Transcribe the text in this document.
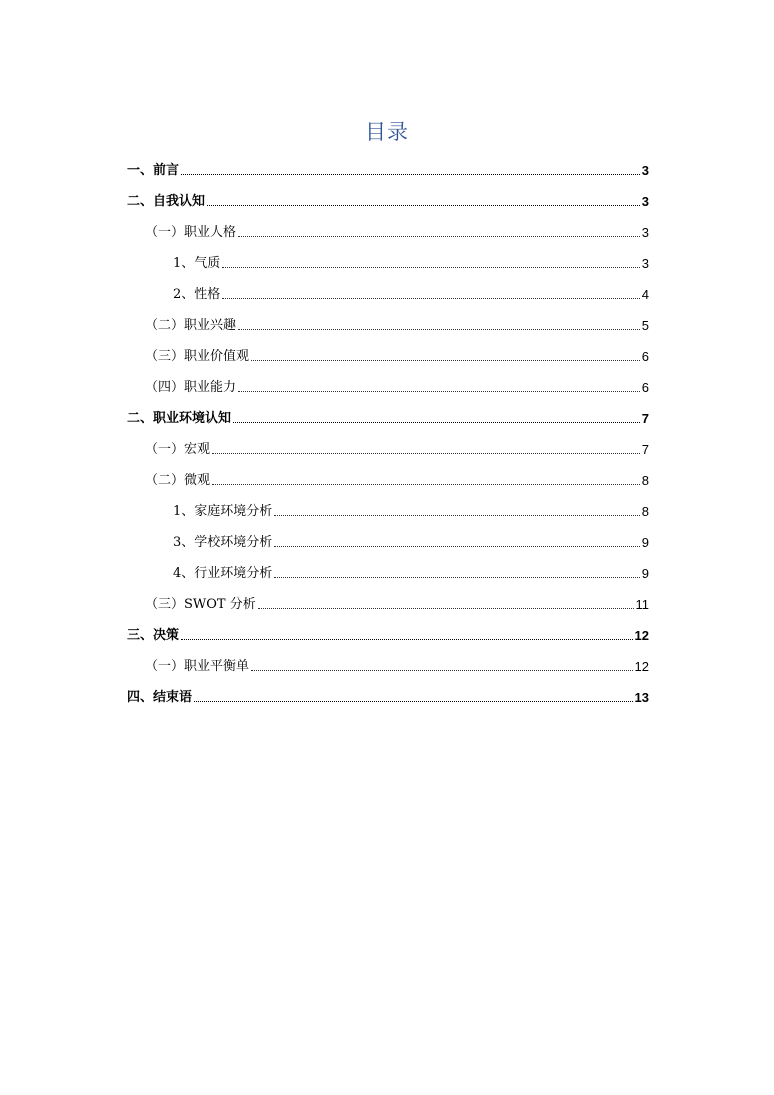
目录
一、前言	3
二、自我认知	3
（一）职业人格	3
1、气质	3
2、性格	4
（二）职业兴趣	5
（三）职业价值观	6
（四）职业能力	6
二、职业环境认知	7
（一）宏观	7
（二）微观	8
1、家庭环境分析	8
3、学校环境分析	9
4、行业环境分析	9
（三）SWOT 分析	11
三、决策	12
（一）职业平衡单	12
四、结束语	13
